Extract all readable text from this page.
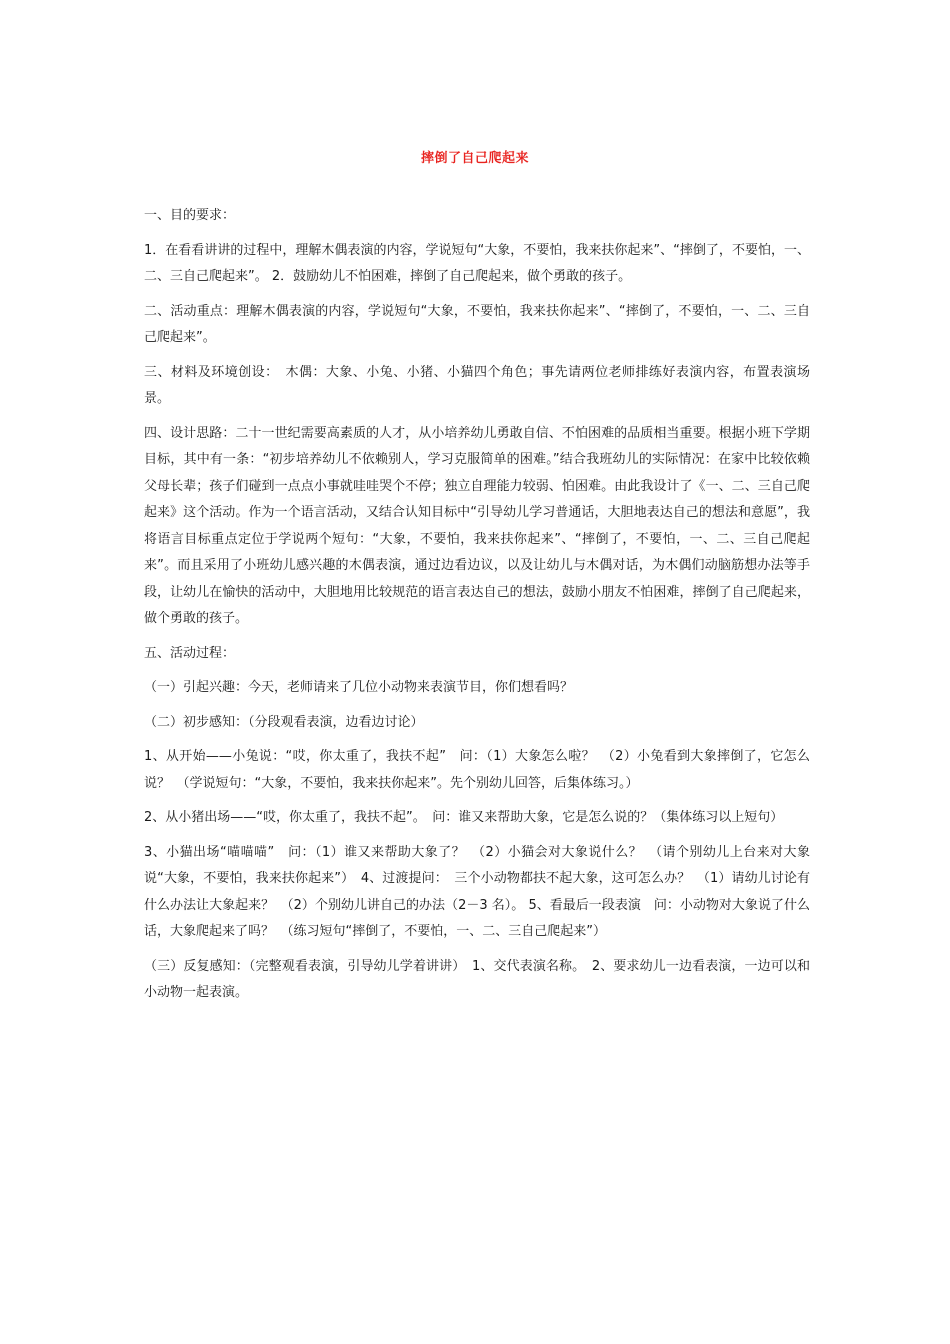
摔倒了自己爬起来

一、目的要求：

1．在看看讲讲的过程中，理解木偶表演的内容，学说短句“大象，不要怕，我来扶你起来”、“摔倒了，不要怕，一、二、三自己爬起来”。 2．鼓励幼儿不怕困难，摔倒了自己爬起来，做个勇敢的孩子。

二、活动重点：理解木偶表演的内容，学说短句“大象，不要怕，我来扶你起来”、“摔倒了，不要怕，一、二、三自己爬起来”。

三、材料及环境创设：　木偶：大象、小兔、小猪、小猫四个角色；事先请两位老师排练好表演内容，布置表演场景。

四、设计思路：二十一世纪需要高素质的人才，从小培养幼儿勇敢自信、不怕困难的品质相当重要。根据小班下学期目标，其中有一条：“初步培养幼儿不依赖别人，学习克服简单的困难。”结合我班幼儿的实际情况：在家中比较依赖父母长辈；孩子们碰到一点点小事就哇哇哭个不停；独立自理能力较弱、怕困难。由此我设计了《一、二、三自己爬起来》这个活动。作为一个语言活动，又结合认知目标中“引导幼儿学习普通话，大胆地表达自己的想法和意愿”，我将语言目标重点定位于学说两个短句：“大象，不要怕，我来扶你起来”、“摔倒了，不要怕，一、二、三自己爬起来”。而且采用了小班幼儿感兴趣的木偶表演，通过边看边议，以及让幼儿与木偶对话，为木偶们动脑筋想办法等手段，让幼儿在愉快的活动中，大胆地用比较规范的语言表达自己的想法，鼓励小朋友不怕困难，摔倒了自己爬起来，做个勇敢的孩子。

五、活动过程：

（一）引起兴趣：今天，老师请来了几位小动物来表演节目，你们想看吗？

（二）初步感知：（分段观看表演，边看边讨论）

1、从开始——小兔说：“哎，你太重了，我扶不起”　问：（1）大象怎么啦？　（2）小兔看到大象摔倒了，它怎么说？　（学说短句：“大象，不要怕，我来扶你起来”。先个别幼儿回答，后集体练习。）

2、从小猪出场——“哎，你太重了，我扶不起”。　问：谁又来帮助大象，它是怎么说的？（集体练习以上短句）

3、小猫出场“喵喵喵”　问：（1）谁又来帮助大象了？　（2）小猫会对大象说什么？　（请个别幼儿上台来对大象说“大象，不要怕，我来扶你起来”）　4、过渡提问：　三个小动物都扶不起大象，这可怎么办？　（1）请幼儿讨论有什么办法让大象起来？　（2）个别幼儿讲自己的办法（2－3 名）。 5、看最后一段表演　问：小动物对大象说了什么话，大象爬起来了吗？　（练习短句“摔倒了，不要怕，一、二、三自己爬起来”）

（三）反复感知：（完整观看表演，引导幼儿学着讲讲）　1、交代表演名称。　2、要求幼儿一边看表演，一边可以和小动物一起表演。
